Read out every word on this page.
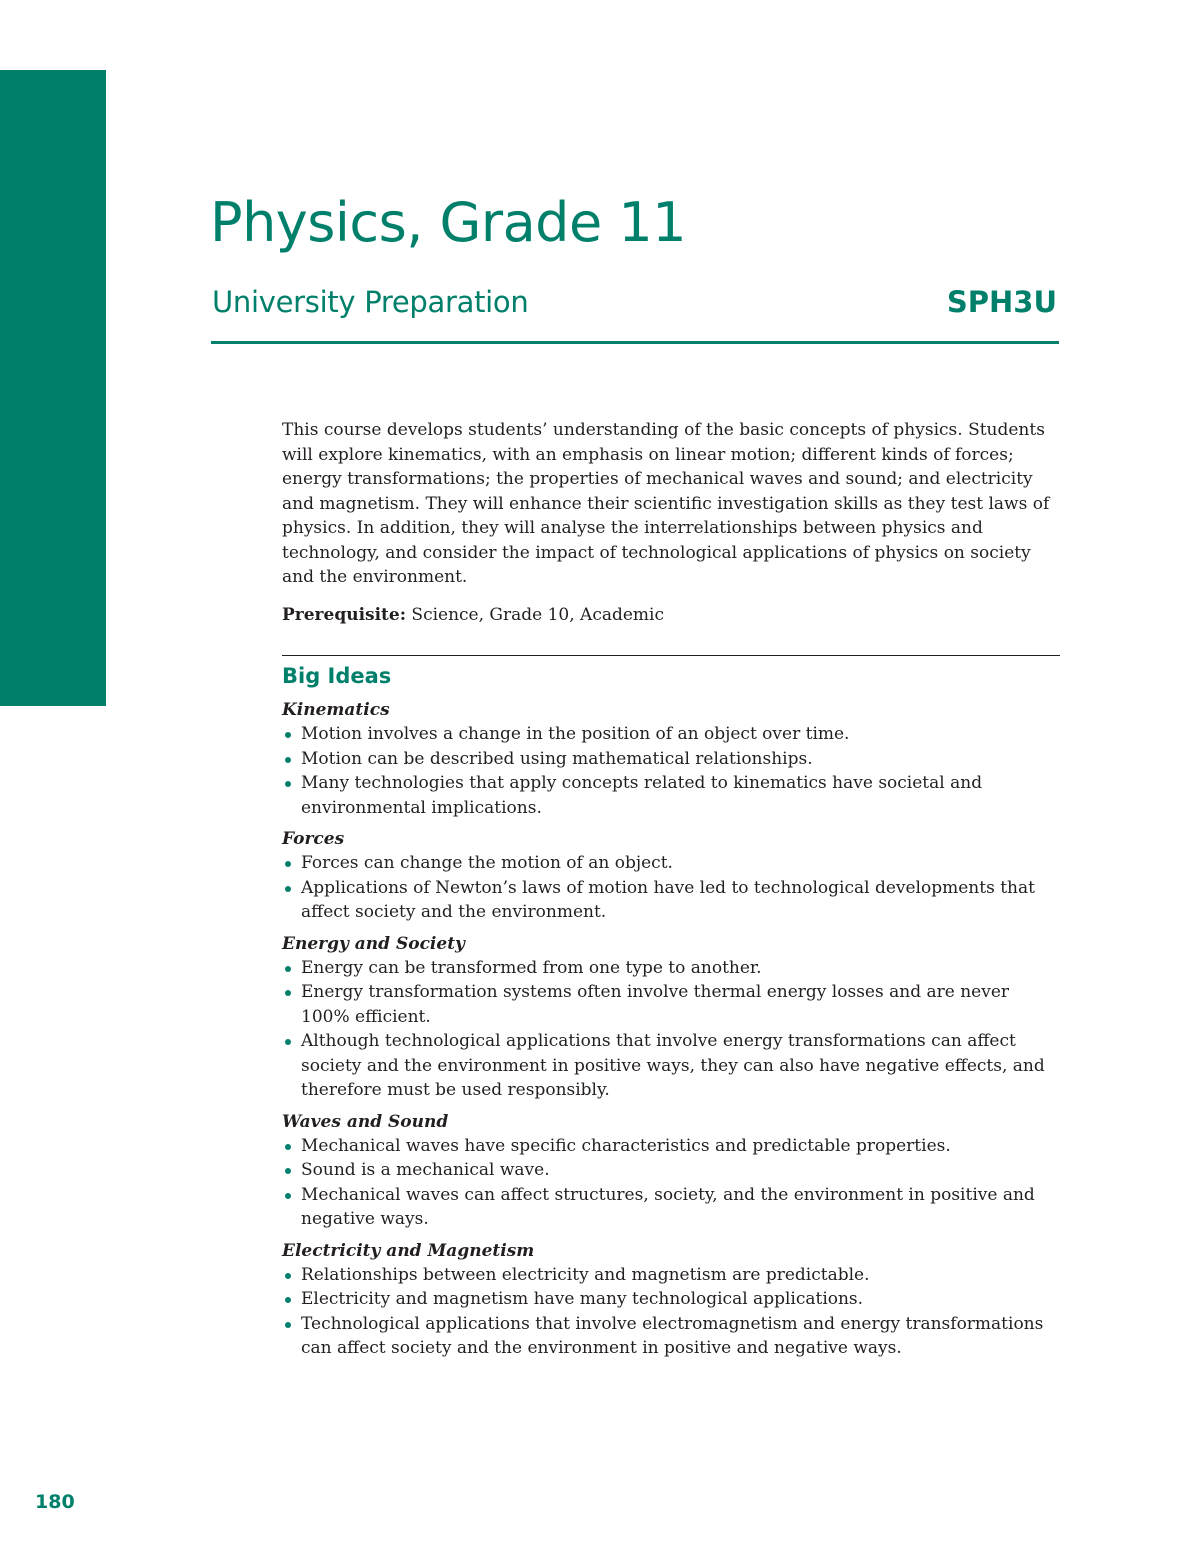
Physics, Grade 11
University Preparation	SPH3U

This course develops students’ understanding of the basic concepts of physics. Students will explore kinematics, with an emphasis on linear motion; different kinds of forces; energy transformations; the properties of mechanical waves and sound; and electricity and magnetism. They will enhance their scientific investigation skills as they test laws of physics. In addition, they will analyse the interrelationships between physics and technology, and consider the impact of technological applications of physics on society and the environment.

Prerequisite: Science, Grade 10, Academic

Big Ideas

Kinematics

Motion involves a change in the position of an object over time.
Motion can be described using mathematical relationships.
Many technologies that apply concepts related to kinematics have societal and environmental implications.

Forces

Forces can change the motion of an object.
Applications of Newton’s laws of motion have led to technological developments that affect society and the environment.

Energy and Society

Energy can be transformed from one type to another.
Energy transformation systems often involve thermal energy losses and are never 100% efficient.
Although technological applications that involve energy transformations can affect society and the environment in positive ways, they can also have negative effects, and therefore must be used responsibly.

Waves and Sound

Mechanical waves have specific characteristics and predictable properties.
Sound is a mechanical wave.
Mechanical waves can affect structures, society, and the environment in positive and negative ways.

Electricity and Magnetism

Relationships between electricity and magnetism are predictable.
Electricity and magnetism have many technological applications.
Technological applications that involve electromagnetism and energy transformations can affect society and the environment in positive and negative ways.
180
